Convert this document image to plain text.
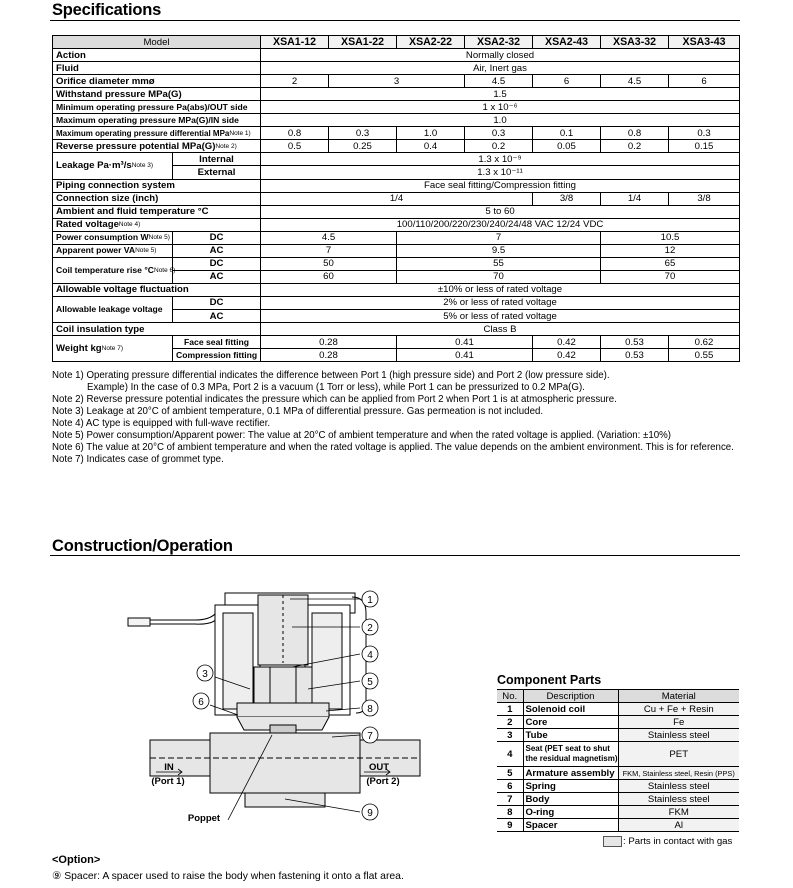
Specifications
Model		XSA1-12	XSA1-22	XSA2-22	XSA2-32	XSA2-43	XSA3-32	XSA3-43
Action		Normally closed						
Fluid		Air, Inert gas						
Orifice diameter mmø		2	3		4.5	6	4.5	6
Withstand pressure MPa(G)		1.5						
Minimum operating pressure Pa(abs)/OUT side		1 x 10⁻⁶						
Maximum operating pressure MPa(G)/IN side		1.0						
Maximum operating pressure differential MPa$^{Note 1)}$		0.8	0.3	1.0	0.3	0.1	0.8	0.3
Reverse pressure potential $MPa(G)^{Note 2)}$		0.5	0.25	0.4	0.2	0.05	0.2	0.15
Leakage $Pa\cdot m^3/s^{Note 3)}$	Internal	1.3 x 10⁻⁹						
	External	1.3 x 10⁻¹¹						
Piping connection system		Face seal fitting/Compression fitting						
Connection size (inch)		1/4				3/8	1/4	3/8
Ambient and fluid temperature °C		5 to 60						
Rated voltage$^{Note 4)}$		100/110/200/220/230/240/24/48 VAC 12/24 VDC						
Power consumption $W^{Note 5)}$	DC	4.5		7			10.5	
Apparent power $VA^{Note 5)}$	AC	7		9.5			12	
Coil temperature rise $^\circ C^{Note 6)}$	DC	50		55			65	
	AC	60		70			70	
Allowable voltage fluctuation		±10% or less of rated voltage						
Allowable leakage voltage	DC	2% or less of rated voltage						
	AC	5% or less of rated voltage						
Coil insulation type		Class B						
Weight $kg^{Note 7)}$	Face seal fitting	0.28		0.41		0.42	0.53	0.62
	Compression fitting	0.28		0.41		0.42	0.53	0.55
Note 1) Operating pressure differential indicates the difference between Port 1 (high pressure side) and Port 2 (low pressure side).
Example) In the case of 0.3 MPa, Port 2 is a vacuum (1 Torr or less), while Port 1 can be pressurized to 0.2 MPa(G).
Note 2) Reverse pressure potential indicates the pressure which can be applied from Port 2 when Port 1 is at atmospheric pressure.
Note 3) Leakage at 20°C of ambient temperature, 0.1 MPa of differential pressure. Gas permeation is not included.
Note 4) AC type is equipped with full-wave rectifier.
Note 5) Power consumption/Apparent power: The value at 20°C of ambient temperature and when the rated voltage is applied. (Variation: ±10%)
Note 6) The value at 20°C of ambient temperature and when the rated voltage is applied. The value depends on the ambient environment. This is for reference.
Note 7) Indicates case of grommet type.
Construction/Operation
1
2
4
5
8
7
9
3
6
IN
(Port 1)
OUT
(Port 2)
Poppet
Component Parts
No.	Description	Material
1	Solenoid coil	Cu + Fe + Resin
2	Core	Fe
3	Tube	Stainless steel
4	Seat (PET seat to shut
the residual magnetism)	PET
5	Armature assembly	FKM, Stainless steel, Resin (PPS)
6	Spring	Stainless steel
7	Body	Stainless steel
8	O-ring	FKM
9	Spacer	Al
: Parts in contact with gas
<Option>
⑨ Spacer: A spacer used to raise the body when fastening it onto a flat area.
